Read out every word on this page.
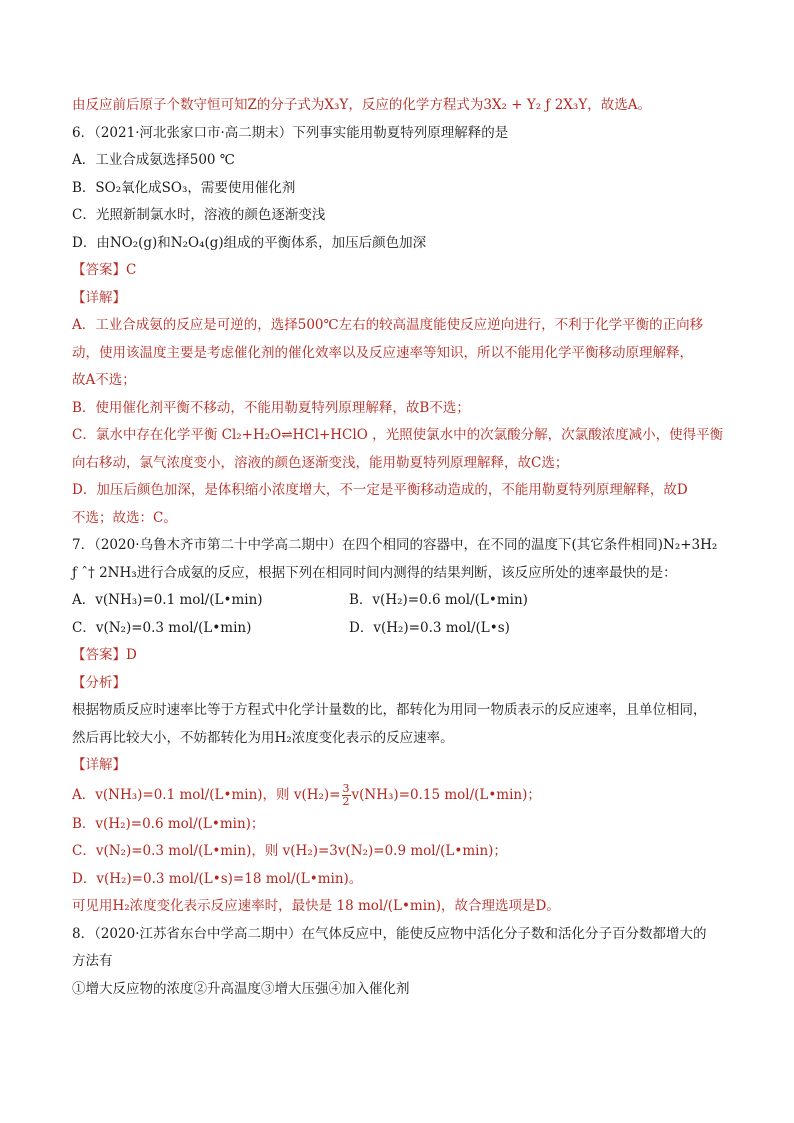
由反应前后原子个数守恒可知Z的分子式为X₃Y，反应的化学方程式为3X₂ + Y₂ ƒ 2X₃Y，故选A。
6．（2021·河北张家口市·高二期末）下列事实能用勒夏特列原理解释的是
A．工业合成氨选择500 ℃
B．SO₂氧化成SO₃，需要使用催化剂
C．光照新制氯水时，溶液的颜色逐渐变浅
D．由NO₂(g)和N₂O₄(g)组成的平衡体系，加压后颜色加深
【答案】C
【详解】
A．工业合成氨的反应是可逆的，选择500℃左右的较高温度能使反应逆向进行，不利于化学平衡的正向移
动，使用该温度主要是考虑催化剂的催化效率以及反应速率等知识，所以不能用化学平衡移动原理解释，
故A不选；
B．使用催化剂平衡不移动，不能用勒夏特列原理解释，故B不选；
C．氯水中存在化学平衡 Cl₂+H₂O⇌HCl+HClO ，光照使氯水中的次氯酸分解，次氯酸浓度减小，使得平衡
向右移动，氯气浓度变小，溶液的颜色逐渐变浅，能用勒夏特列原理解释，故C选；
D．加压后颜色加深，是体积缩小浓度增大，不一定是平衡移动造成的，不能用勒夏特列原理解释，故D
不选；故选：C。
7．（2020·乌鲁木齐市第二十中学高二期中）在四个相同的容器中，在不同的温度下(其它条件相同)N₂+3H₂
ƒ ˆ† 2NH₃进行合成氨的反应，根据下列在相同时间内测得的结果判断，该反应所处的速率最快的是：
A．v(NH₃)=0.1 mol/(L•min)	B．v(H₂)=0.6 mol/(L•min)
C．v(N₂)=0.3 mol/(L•min)	D．v(H₂)=0.3 mol/(L•s)
【答案】D
【分析】
根据物质反应时速率比等于方程式中化学计量数的比，都转化为用同一物质表示的反应速率，且单位相同，
然后再比较大小，不妨都转化为用H₂浓度变化表示的反应速率。
【详解】
A．v(NH₃)=0.1 mol/(L•min)，则 $v(H_2)= \frac{3}{2} v(NH_3)=0.15$ mol/(L•min)；
B．v(H₂)=0.6 mol/(L•min)；
C．v(N₂)=0.3 mol/(L•min)，则 v(H₂)=3v(N₂)=0.9 mol/(L•min)；
D．v(H₂)=0.3 mol/(L•s)=18 mol/(L•min)。
可见用H₂浓度变化表示反应速率时，最快是 18 mol/(L•min)，故合理选项是D。
8．（2020·江苏省东台中学高二期中）在气体反应中，能使反应物中活化分子数和活化分子百分数都增大的
方法有
①增大反应物的浓度②升高温度③增大压强④加入催化剂
